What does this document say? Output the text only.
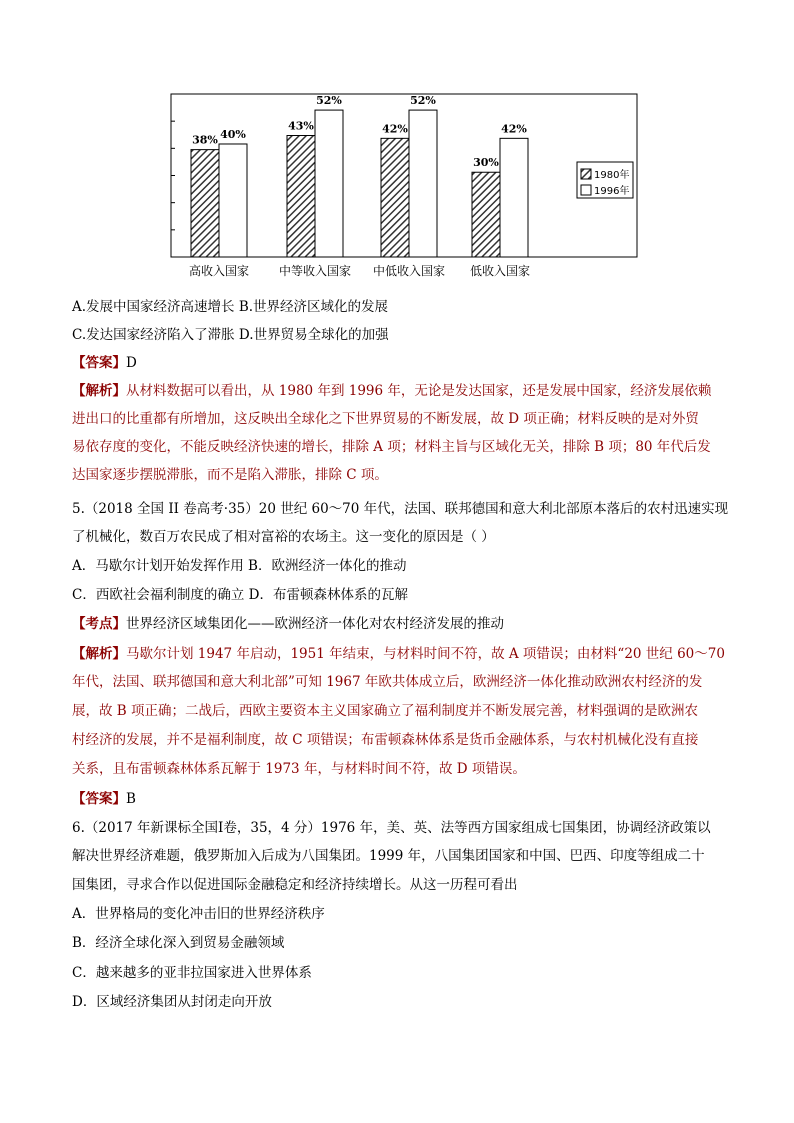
38% 40%
高收入国家
43%
52%
中等收入国家
42%
52%
中低收入国家
30%
42%
低收入国家
1980年
1996年
A.发展中国家经济高速增长 B.世界经济区域化的发展
C.发达国家经济陷入了滞胀 D.世界贸易全球化的加强
【答案】D
【解析】从材料数据可以看出，从 1980 年到 1996 年，无论是发达国家，还是发展中国家，经济发展依赖
进出口的比重都有所增加，这反映出全球化之下世界贸易的不断发展，故 D 项正确；材料反映的是对外贸
易依存度的变化，不能反映经济快速的增长，排除 A 项；材料主旨与区域化无关，排除 B 项；80 年代后发
达国家逐步摆脱滞胀，而不是陷入滞胀，排除 C 项。
5.（2018 全国 II 卷高考·35）20 世纪 60～70 年代，法国、联邦德国和意大利北部原本落后的农村迅速实现
了机械化，数百万农民成了相对富裕的农场主。这一变化的原因是（ ）
A．马歇尔计划开始发挥作用 B．欧洲经济一体化的推动
C．西欧社会福利制度的确立 D．布雷顿森林体系的瓦解
【考点】世界经济区域集团化——欧洲经济一体化对农村经济发展的推动
【解析】马歇尔计划 1947 年启动，1951 年结束，与材料时间不符，故 A 项错误；由材料“20 世纪 60～70
年代，法国、联邦德国和意大利北部”可知 1967 年欧共体成立后，欧洲经济一体化推动欧洲农村经济的发
展，故 B 项正确；二战后，西欧主要资本主义国家确立了福利制度并不断发展完善，材料强调的是欧洲农
村经济的发展，并不是福利制度，故 C 项错误；布雷顿森林体系是货币金融体系，与农村机械化没有直接
关系，且布雷顿森林体系瓦解于 1973 年，与材料时间不符，故 D 项错误。
【答案】B
6.（2017 年新课标全国Ⅰ卷，35，4 分）1976 年，美、英、法等西方国家组成七国集团，协调经济政策以
解决世界经济难题，俄罗斯加入后成为八国集团。1999 年，八国集团国家和中国、巴西、印度等组成二十
国集团，寻求合作以促进国际金融稳定和经济持续增长。从这一历程可看出
A．世界格局的变化冲击旧的世界经济秩序
B．经济全球化深入到贸易金融领域
C．越来越多的亚非拉国家进入世界体系
D．区域经济集团从封闭走向开放
